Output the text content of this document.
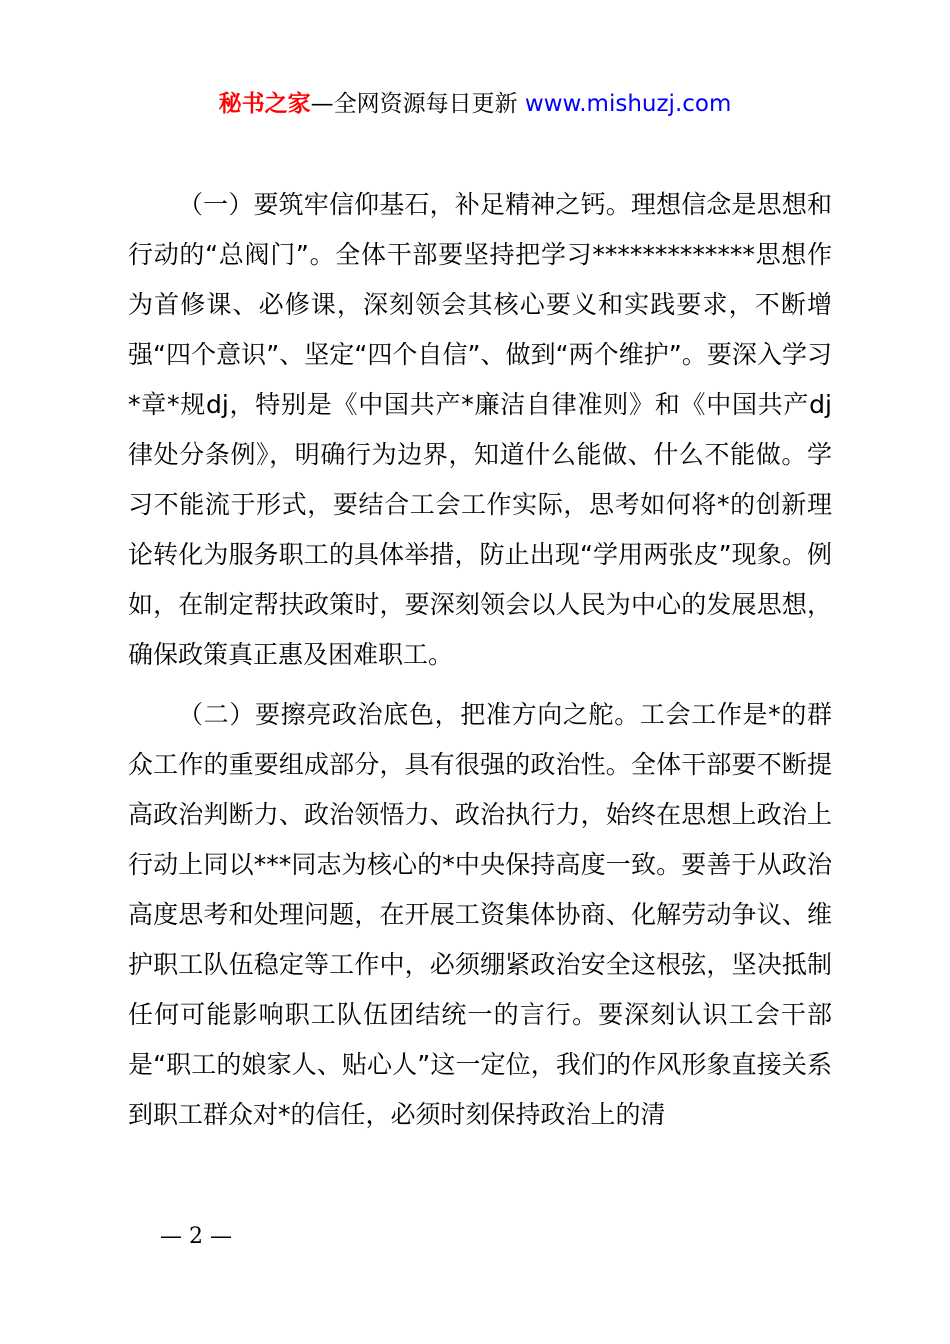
秘书之家—全网资源每日更新 www.mishuzj.com

（一）要筑牢信仰基石，补足精神之钙。理想信念是思想和行动的“总阀门”。全体干部要坚持把学习*************思想作为首修课、必修课，深刻领会其核心要义和实践要求，不断增强“四个意识”、坚定“四个自信”、做到“两个维护”。要深入学习*章*规dj，特别是《中国共产*廉洁自律准则》和《中国共产dj律处分条例》，明确行为边界，知道什么能做、什么不能做。学习不能流于形式，要结合工会工作实际，思考如何将*的创新理论转化为服务职工的具体举措，防止出现“学用两张皮”现象。例如，在制定帮扶政策时，要深刻领会以人民为中心的发展思想，确保政策真正惠及困难职工。

（二）要擦亮政治底色，把准方向之舵。工会工作是*的群众工作的重要组成部分，具有很强的政治性。全体干部要不断提高政治判断力、政治领悟力、政治执行力，始终在思想上政治上行动上同以***同志为核心的*中央保持高度一致。要善于从政治高度思考和处理问题，在开展工资集体协商、化解劳动争议、维护职工队伍稳定等工作中，必须绷紧政治安全这根弦，坚决抵制任何可能影响职工队伍团结统一的言行。要深刻认识工会干部是“职工的娘家人、贴心人”这一定位，我们的作风形象直接关系到职工群众对*的信任，必须时刻保持政治上的清

— 2 —
